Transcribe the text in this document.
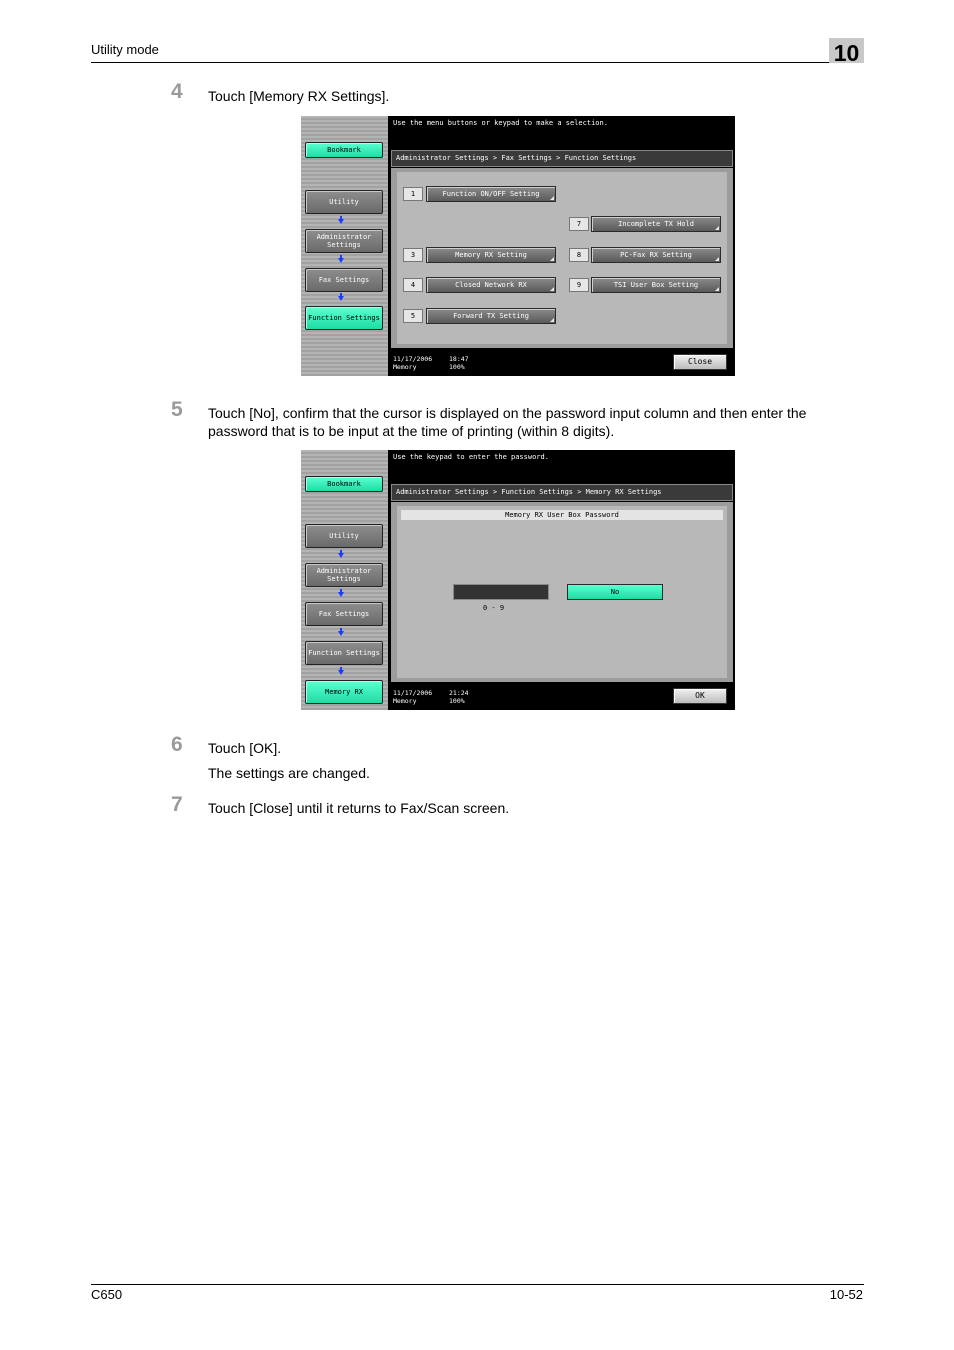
Utility mode	10
4 Touch [Memory RX Settings].
Bookmark
Utility
Administrator Settings
Fax Settings
Function Settings
Use the menu buttons or keypad to make a selection.
Administrator Settings > Fax Settings > Function Settings
1	Function ON/OFF Setting
7	Incomplete TX Hold
3	Memory RX Setting	8	PC-Fax RX Setting
4	Closed Network RX	9	TSI User Box Setting
5	Forward TX Setting
11/17/2006
Memory
18:47
100%
Close
5 Touch [No], confirm that the cursor is displayed on the password input column and then enter the password that is to be input at the time of printing (within 8 digits).
Bookmark
Utility
Administrator Settings
Fax Settings
Function Settings
Memory RX
Use the keypad to enter the password.
Administrator Settings > Function Settings > Memory RX Settings
Memory RX User Box Password
0 - 9
No
11/17/2006
Memory
21:24
100%
OK
6 Touch [OK].
The settings are changed.
7 Touch [Close] until it returns to Fax/Scan screen.
C650	10-52
